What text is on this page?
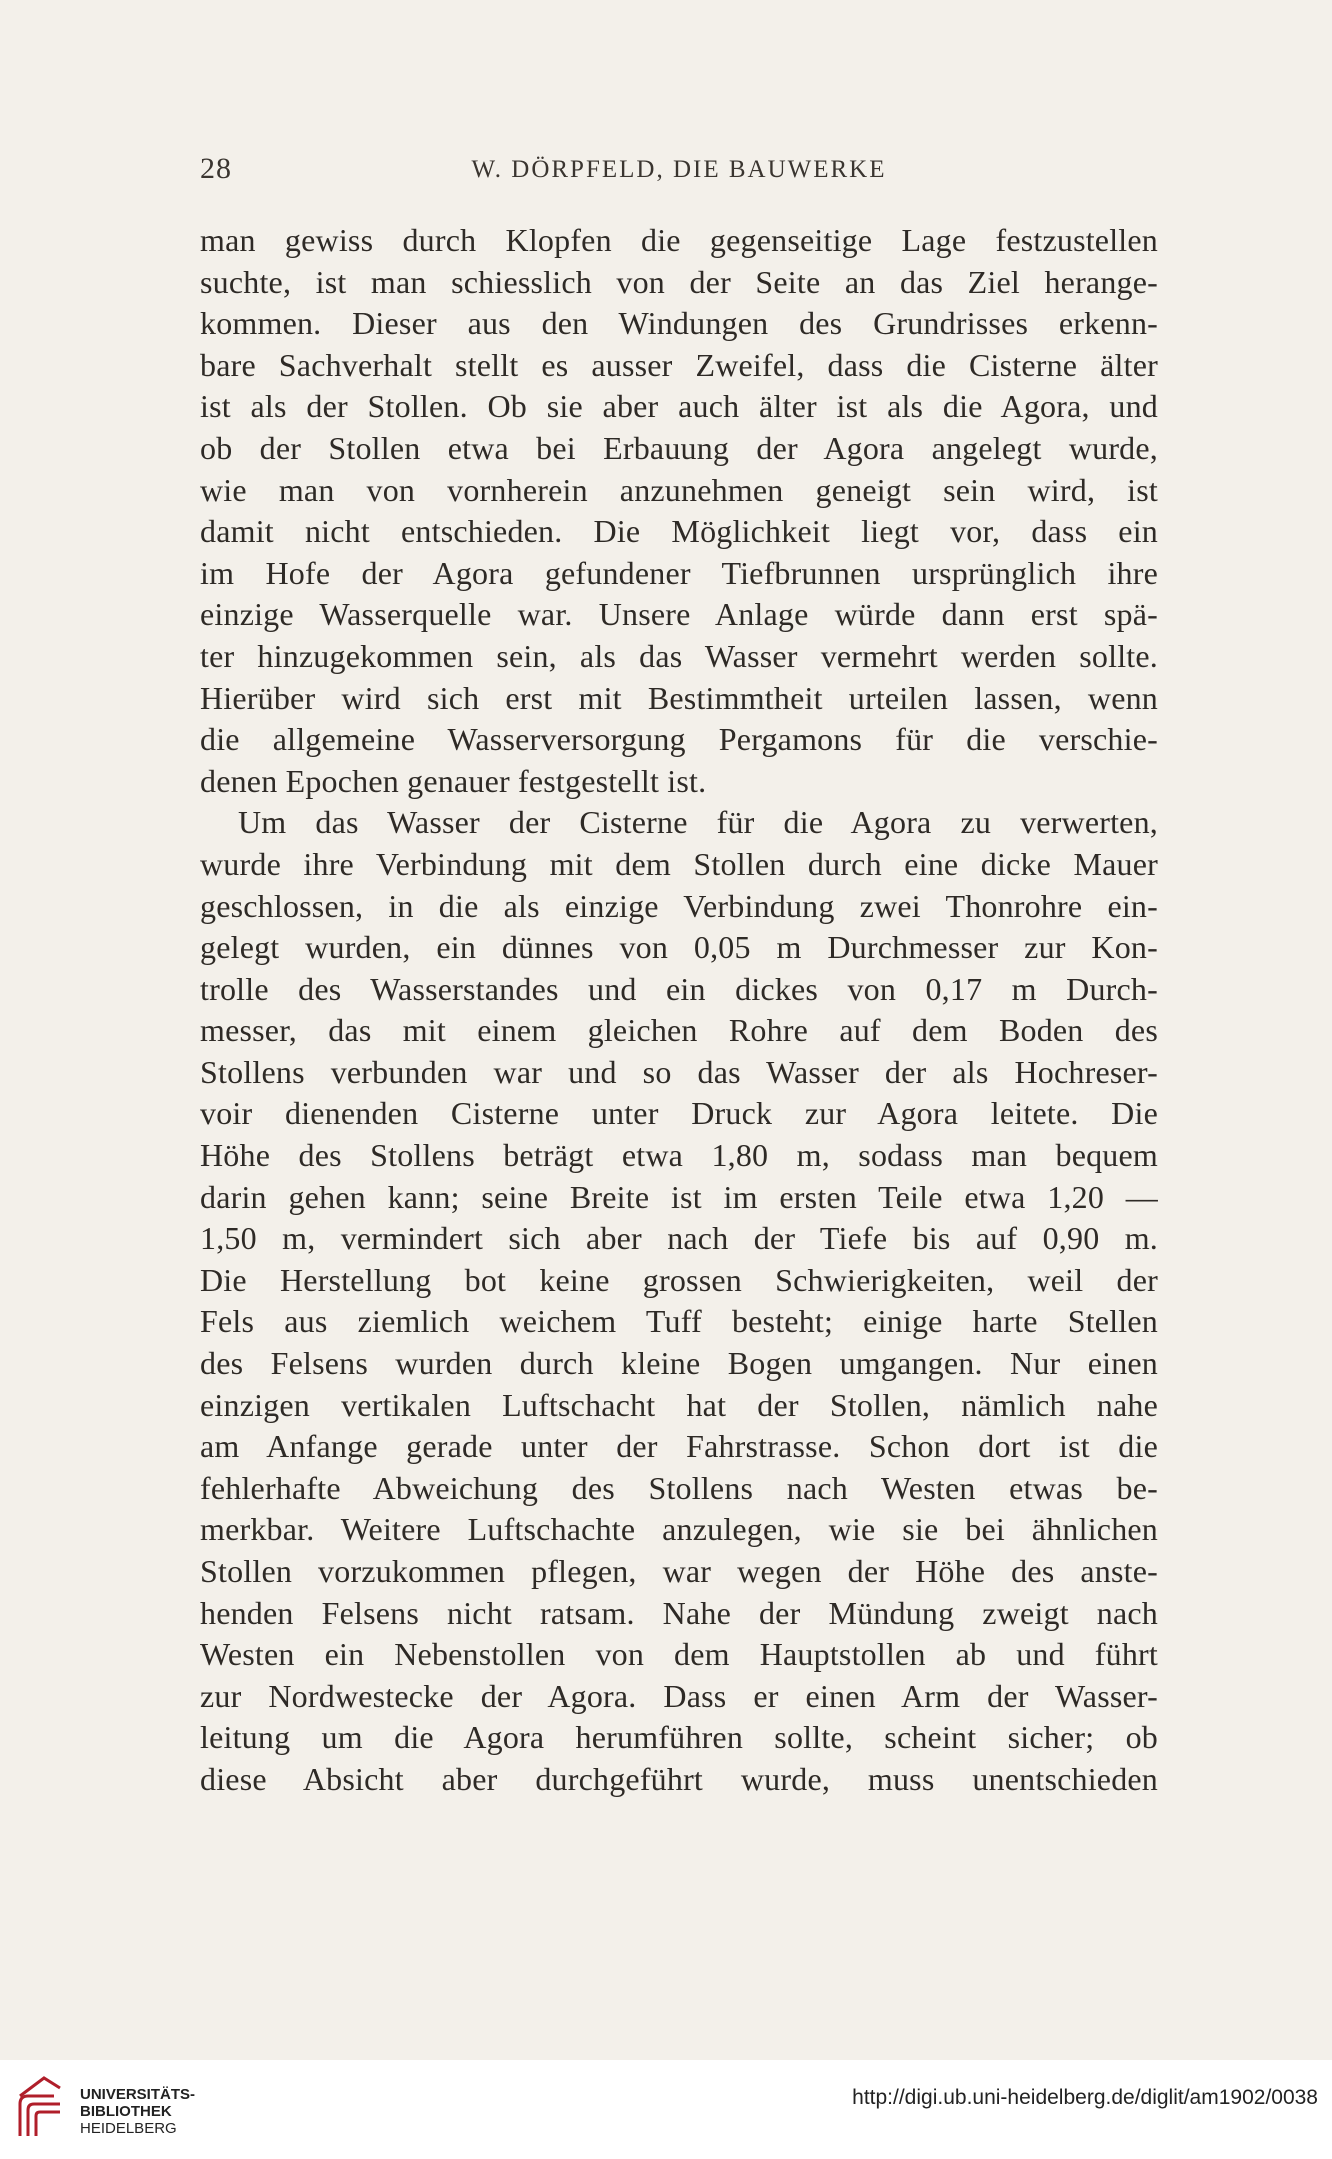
28	W. DÖRPFELD, DIE BAUWERKE
man gewiss durch Klopfen die gegenseitige Lage festzustellen
suchte, ist man schiesslich von der Seite an das Ziel herange-
kommen. Dieser aus den Windungen des Grundrisses erkenn-
bare Sachverhalt stellt es ausser Zweifel, dass die Cisterne älter
ist als der Stollen. Ob sie aber auch älter ist als die Agora, und
ob der Stollen etwa bei Erbauung der Agora angelegt wurde,
wie man von vornherein anzunehmen geneigt sein wird, ist
damit nicht entschieden. Die Möglichkeit liegt vor, dass ein
im Hofe der Agora gefundener Tiefbrunnen ursprünglich ihre
einzige Wasserquelle war. Unsere Anlage würde dann erst spä-
ter hinzugekommen sein, als das Wasser vermehrt werden sollte.
Hierüber wird sich erst mit Bestimmtheit urteilen lassen, wenn
die allgemeine Wasserversorgung Pergamons für die verschie-
denen Epochen genauer festgestellt ist.
Um das Wasser der Cisterne für die Agora zu verwerten,
wurde ihre Verbindung mit dem Stollen durch eine dicke Mauer
geschlossen, in die als einzige Verbindung zwei Thonrohre ein-
gelegt wurden, ein dünnes von 0,05 m Durchmesser zur Kon-
trolle des Wasserstandes und ein dickes von 0,17 m Durch-
messer, das mit einem gleichen Rohre auf dem Boden des
Stollens verbunden war und so das Wasser der als Hochreser-
voir dienenden Cisterne unter Druck zur Agora leitete. Die
Höhe des Stollens beträgt etwa 1,80 m, sodass man bequem
darin gehen kann; seine Breite ist im ersten Teile etwa 1,20 —
1,50 m, vermindert sich aber nach der Tiefe bis auf 0,90 m.
Die Herstellung bot keine grossen Schwierigkeiten, weil der
Fels aus ziemlich weichem Tuff besteht; einige harte Stellen
des Felsens wurden durch kleine Bogen umgangen. Nur einen
einzigen vertikalen Luftschacht hat der Stollen, nämlich nahe
am Anfange gerade unter der Fahrstrasse. Schon dort ist die
fehlerhafte Abweichung des Stollens nach Westen etwas be-
merkbar. Weitere Luftschachte anzulegen, wie sie bei ähnlichen
Stollen vorzukommen pflegen, war wegen der Höhe des anste-
henden Felsens nicht ratsam. Nahe der Mündung zweigt nach
Westen ein Nebenstollen von dem Hauptstollen ab und führt
zur Nordwestecke der Agora. Dass er einen Arm der Wasser-
leitung um die Agora herumführen sollte, scheint sicher; ob
diese Absicht aber durchgeführt wurde, muss unentschieden
UNIVERSITÄTS-
BIBLIOTHEK
HEIDELBERG
http://digi.ub.uni-heidelberg.de/diglit/am1902/0038
